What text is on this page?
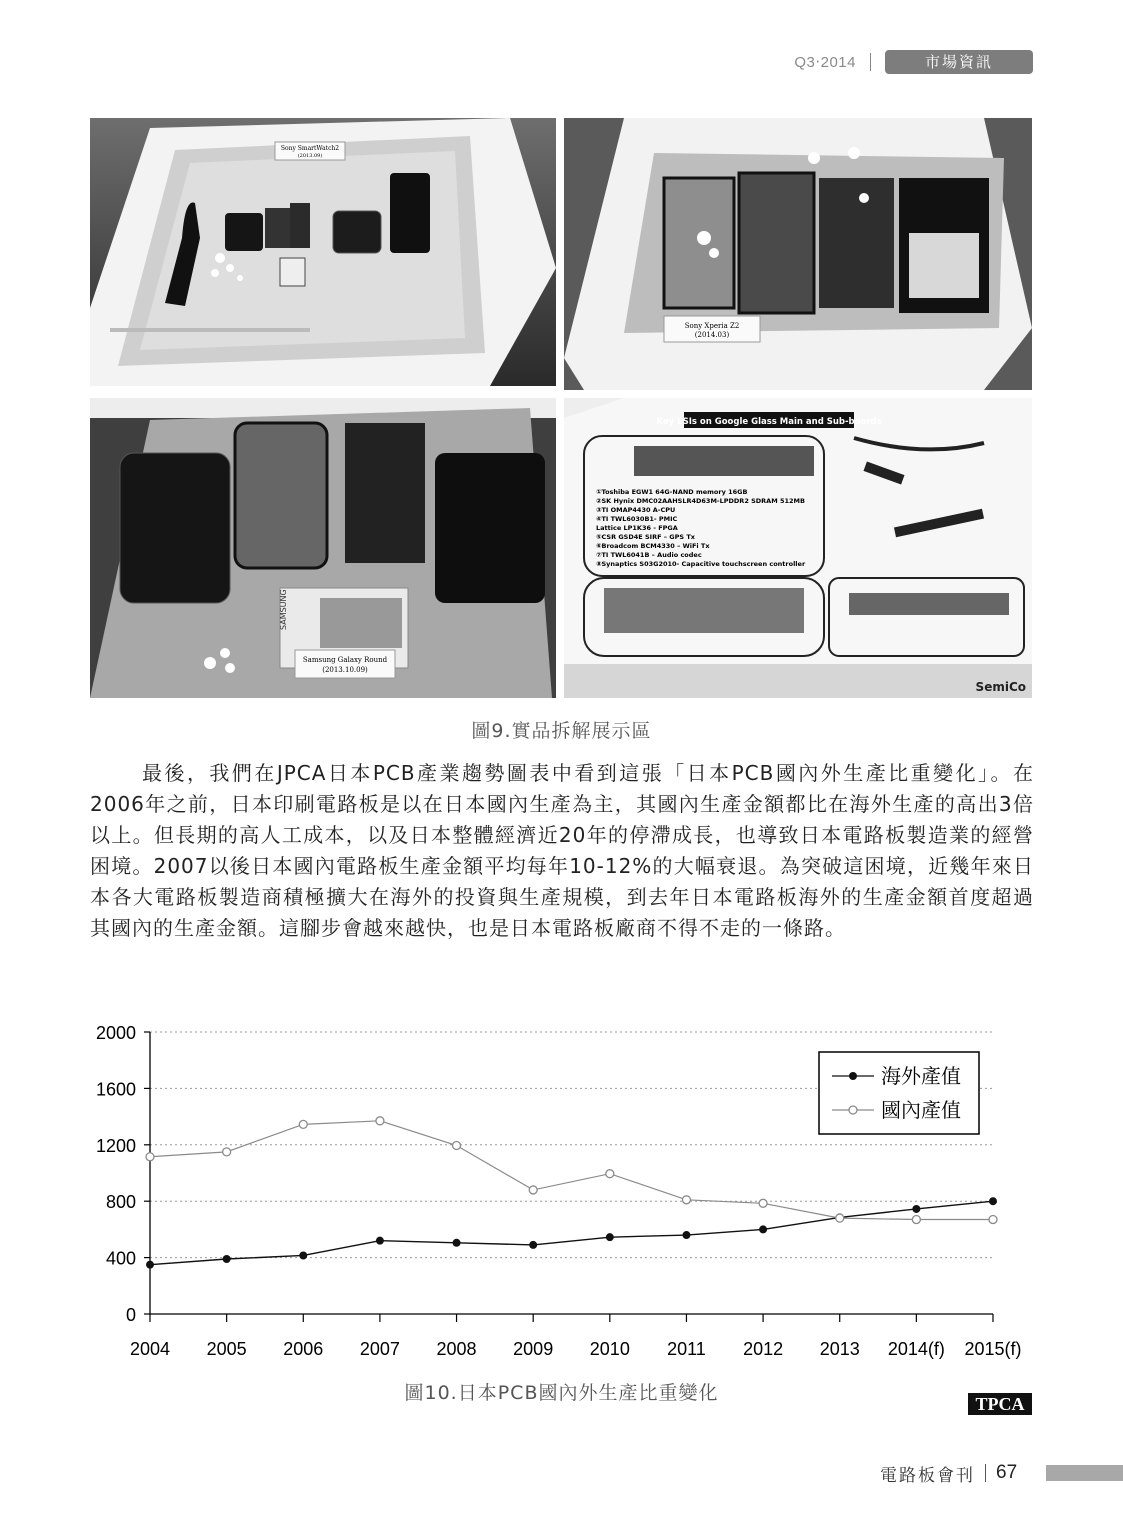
Q3‧2014	市場資訊
Sony SmartWatch2
(2013.09)
Sony Xperia Z2
(2014.03)
SAMSUNG
Samsung Galaxy Round
(2013.10.09)
Key LSIs on Google Glass Main and Sub-boards
①Toshiba EGW1 64G-NAND memory 16GB
②SK Hynix DMC02AAHSLR4D63M-LPDDR2 SDRAM 512MB
③TI OMAP4430 A-CPU
④TI TWL6030B1- PMIC
Lattice LP1K36 - FPGA
⑤CSR GSD4E SIRF – GPS Tx
⑥Broadcom BCM4330 – WiFi Tx
⑦TI TWL6041B – Audio codec
⑧Synaptics S03G2010- Capacitive touchscreen controller
SemiCo
圖9.實品拆解展示區

最後，我們在JPCA日本PCB產業趨勢圖表中看到這張「日本PCB國內外生產比重變化」。在2006年之前，日本印刷電路板是以在日本國內生產為主，其國內生產金額都比在海外生產的高出3倍以上。但長期的高人工成本，以及日本整體經濟近20年的停滯成長，也導致日本電路板製造業的經營困境。2007以後日本國內電路板生產金額平均每年10-12%的大幅衰退。為突破這困境，近幾年來日本各大電路板製造商積極擴大在海外的投資與生產規模，到去年日本電路板海外的生產金額首度超過其國內的生產金額。這腳步會越來越快，也是日本電路板廠商不得不走的一條路。

0
400
800
1200
1600
2000
2004 2005 2006 2007 2008 2009 2010 2011 2012 2013 2014(f) 2015(f)
海外產值
國內產值
圖10.日本PCB國內外生產比重變化	TPCA
電路板會刊 67
